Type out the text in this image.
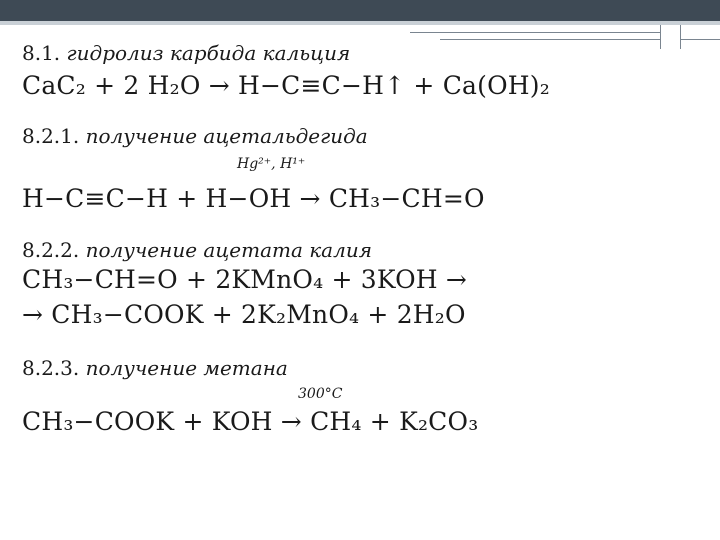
8.1. гидролиз карбида кальция
CaC₂ + 2 H₂O → H−C≡C−H↑ + Ca(OH)₂
8.2.1. получение ацетальдегида
Hg²⁺, H¹⁺
H−C≡C−H + H−OH → CH₃−CH=O
8.2.2. получение ацетата калия
CH₃−CH=O + 2KMnO₄ + 3KOH →
→ CH₃−COOK + 2K₂MnO₄ + 2H₂O
8.2.3. получение метана
300°C
CH₃−COOK + KOH → CH₄ + K₂CO₃
